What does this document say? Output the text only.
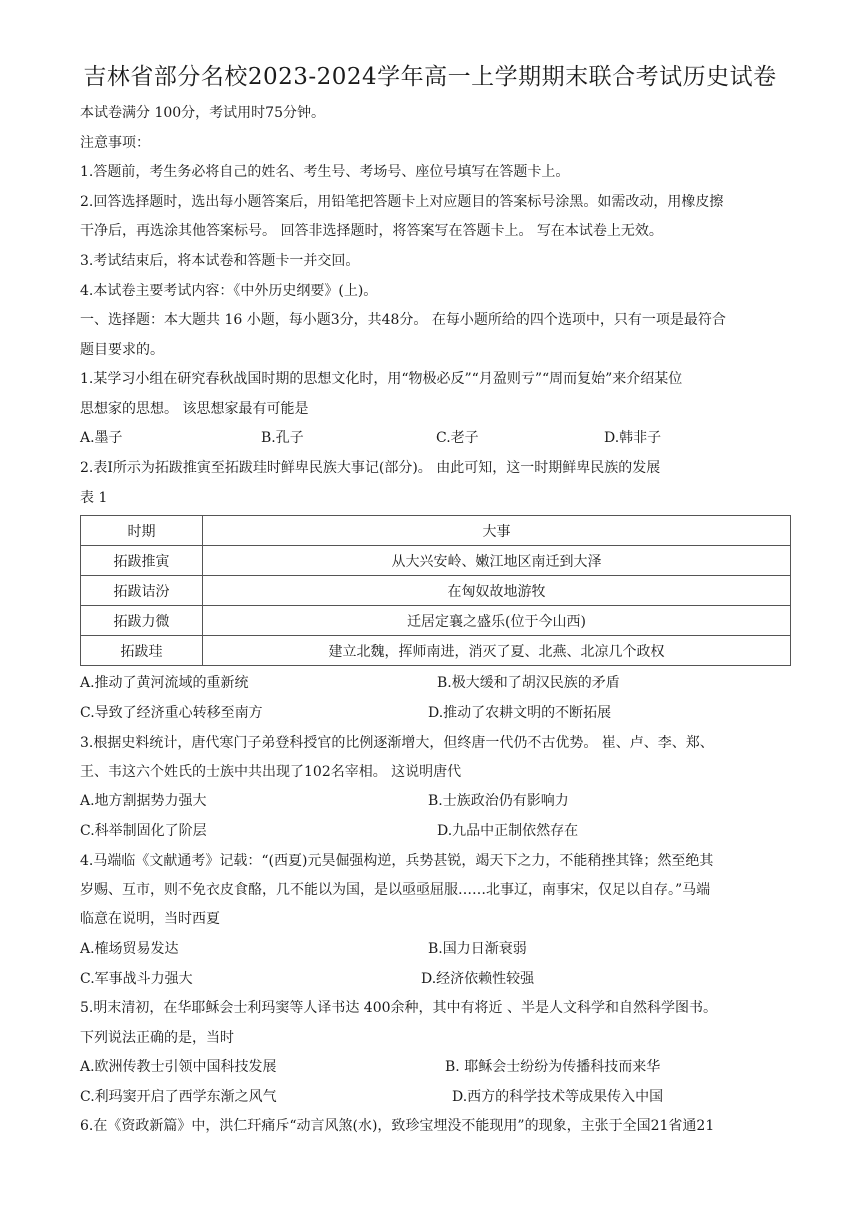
吉林省部分名校2023-2024学年高一上学期期末联合考试历史试卷
本试卷满分 100分，考试用时75分钟。
注意事项：
1.答题前，考生务必将自己的姓名、考生号、考场号、座位号填写在答题卡上。
2.回答选择题时，选出每小题答案后，用铅笔把答题卡上对应题目的答案标号涂黑。如需改动，用橡皮擦
干净后，再选涂其他答案标号。 回答非选择题时，将答案写在答题卡上。 写在本试卷上无效。
3.考试结束后，将本试卷和答题卡一并交回。
4.本试卷主要考试内容：《中外历史纲要》(上)。
一、选择题：本大题共 16 小题，每小题3分，共48分。 在每小题所给的四个选项中，只有一项是最符合
题目要求的。
1.某学习小组在研究春秋战国时期的思想文化时，用“物极必反”“月盈则亏”“周而复始”来介绍某位
思想家的思想。 该思想家最有可能是
A.墨子	B.孔子	C.老子	D.韩非子
2.表Ⅰ所示为拓跋推寅至拓跋珪时鲜卑民族大事记(部分)。 由此可知，这一时期鲜卑民族的发展
表 1
时期	大事
拓跋推寅	从大兴安岭、嫩江地区南迁到大泽
拓跋诘汾	在匈奴故地游牧
拓跋力微	迁居定襄之盛乐(位于今山西)
拓跋珪	建立北魏，挥师南进，消灭了夏、北燕、北凉几个政权
A.推动了黄河流域的重新统	B.极大缓和了胡汉民族的矛盾
C.导致了经济重心转移至南方	D.推动了农耕文明的不断拓展
3.根据史料统计，唐代寒门子弟登科授官的比例逐渐增大，但终唐一代仍不古优势。 崔、卢、李、郑、
王、韦这六个姓氏的士族中共出现了102名宰相。 这说明唐代
A.地方割据势力强大	B.士族政治仍有影响力
C.科举制固化了阶层	D.九品中正制依然存在
4.马端临《文献通考》记载：“(西夏)元昊倔强构逆，兵势甚锐，竭天下之力，不能稍挫其锋；然至绝其
岁赐、互市，则不免衣皮食酪，几不能以为国，是以亟亟屈服……北事辽，南事宋，仅足以自存。”马端
临意在说明，当时西夏
A.榷场贸易发达	B.国力日渐衰弱
C.军事战斗力强大	D.经济依赖性较强
5.明末清初，在华耶稣会士利玛窦等人译书达 400余种，其中有将近 、半是人文科学和自然科学图书。
下列说法正确的是，当时
A.欧洲传教士引领中国科技发展	B. 耶稣会士纷纷为传播科技而来华
C.利玛窦开启了西学东渐之风气	D.西方的科学技术等成果传入中国
6.在《资政新篇》中，洪仁玕痛斥“动言风煞(水)，致珍宝埋没不能现用”的现象，主张于全国21省通21
